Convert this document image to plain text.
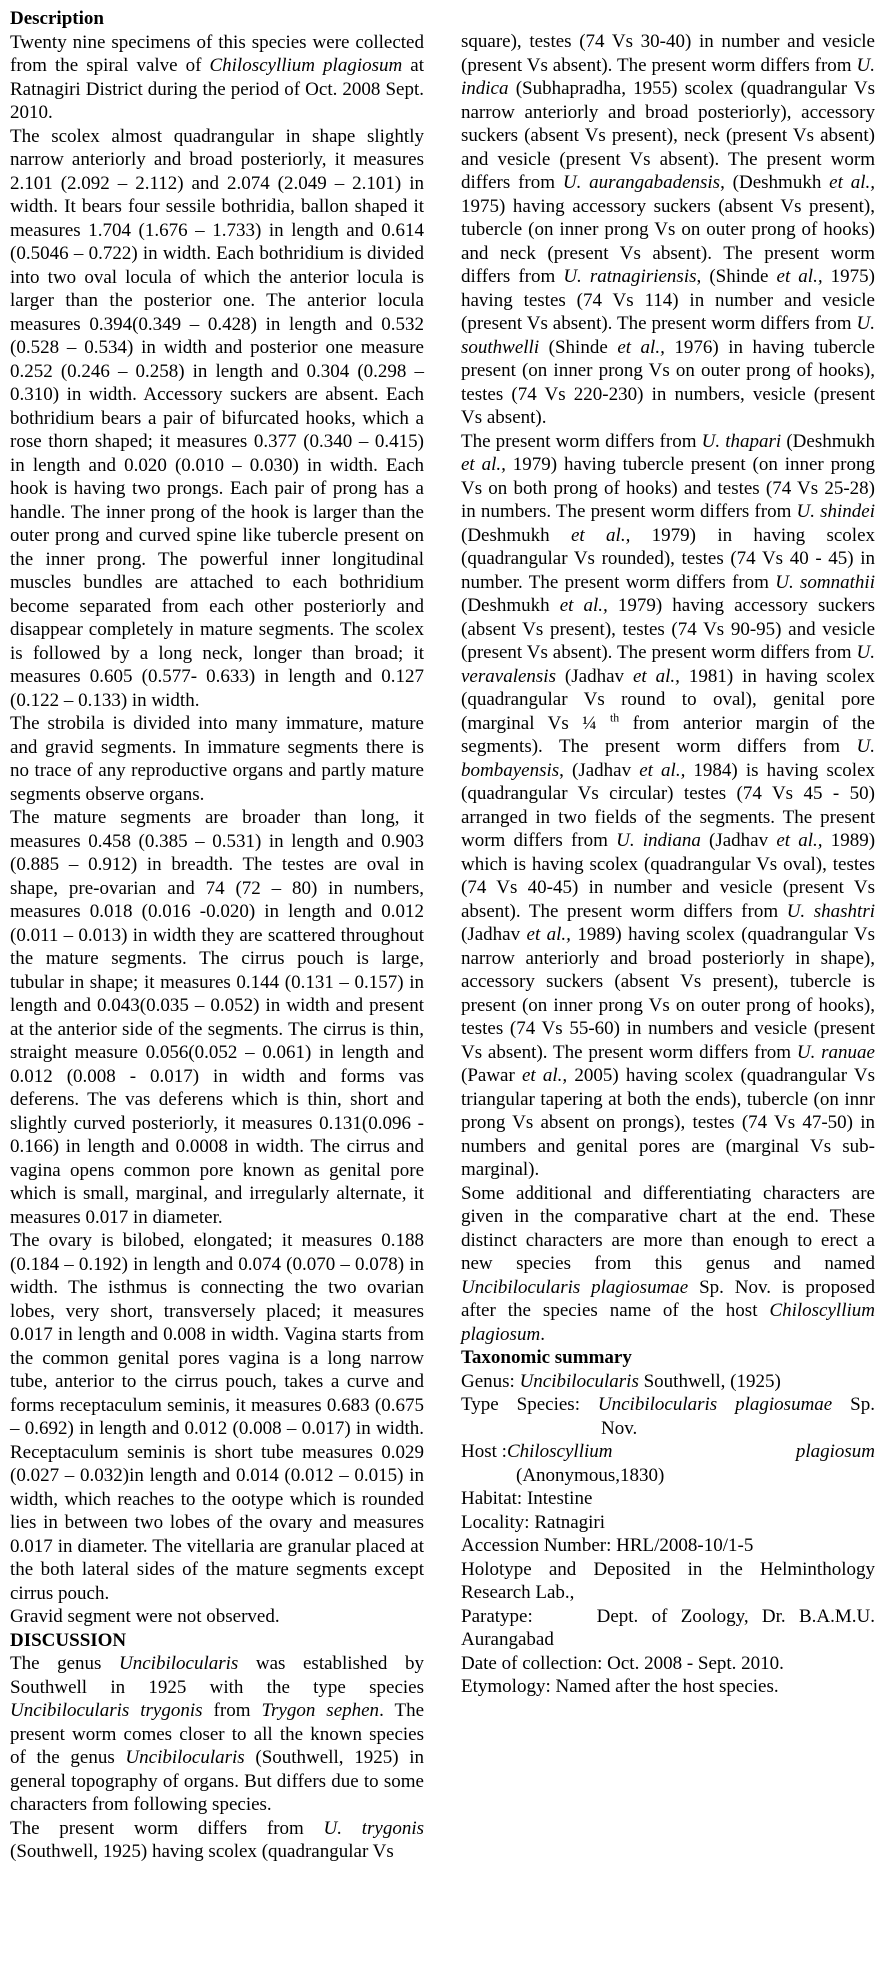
Description
Twenty nine specimens of this species were collected from the spiral valve of Chiloscyllium plagiosum at Ratnagiri District during the period of Oct. 2008 Sept. 2010.
The scolex almost quadrangular in shape slightly narrow anteriorly and broad posteriorly, it measures 2.101 (2.092 – 2.112) and 2.074 (2.049 – 2.101) in width. It bears four sessile bothridia, ballon shaped it measures 1.704 (1.676 – 1.733) in length and 0.614 (0.5046 – 0.722) in width. Each bothridium is divided into two oval locula of which the anterior locula is larger than the posterior one. The anterior locula measures 0.394(0.349 – 0.428) in length and 0.532 (0.528 – 0.534) in width and posterior one measure 0.252 (0.246 – 0.258) in length and 0.304 (0.298 – 0.310) in width. Accessory suckers are absent. Each bothridium bears a pair of bifurcated hooks, which a rose thorn shaped; it measures 0.377 (0.340 – 0.415) in length and 0.020 (0.010 – 0.030) in width. Each hook is having two prongs. Each pair of prong has a handle. The inner prong of the hook is larger than the outer prong and curved spine like tubercle present on the inner prong. The powerful inner longitudinal muscles bundles are attached to each bothridium become separated from each other posteriorly and disappear completely in mature segments. The scolex is followed by a long neck, longer than broad; it measures 0.605 (0.577- 0.633) in length and 0.127 (0.122 – 0.133) in width.
The strobila is divided into many immature, mature and gravid segments. In immature segments there is no trace of any reproductive organs and partly mature segments observe organs.
The mature segments are broader than long, it measures 0.458 (0.385 – 0.531) in length and 0.903 (0.885 – 0.912) in breadth. The testes are oval in shape, pre-ovarian and 74 (72 – 80) in numbers, measures 0.018 (0.016 -0.020) in length and 0.012 (0.011 – 0.013) in width they are scattered throughout the mature segments. The cirrus pouch is large, tubular in shape; it measures 0.144 (0.131 – 0.157) in length and 0.043(0.035 – 0.052) in width and present at the anterior side of the segments. The cirrus is thin, straight measure 0.056(0.052 – 0.061) in length and 0.012 (0.008 - 0.017) in width and forms vas deferens. The vas deferens which is thin, short and slightly curved posteriorly, it measures 0.131(0.096 - 0.166) in length and 0.0008 in width. The cirrus and vagina opens common pore known as genital pore which is small, marginal, and irregularly alternate, it measures 0.017 in diameter.
The ovary is bilobed, elongated; it measures 0.188 (0.184 – 0.192) in length and 0.074 (0.070 – 0.078) in width. The isthmus is connecting the two ovarian lobes, very short, transversely placed; it measures 0.017 in length and 0.008 in width. Vagina starts from the common genital pores vagina is a long narrow tube, anterior to the cirrus pouch, takes a curve and forms receptaculum seminis, it measures 0.683 (0.675 – 0.692) in length and 0.012 (0.008 – 0.017) in width. Receptaculum seminis is short tube measures 0.029 (0.027 – 0.032)in length and 0.014 (0.012 – 0.015) in width, which reaches to the ootype which is rounded lies in between two lobes of the ovary and measures 0.017 in diameter. The vitellaria are granular placed at the both lateral sides of the mature segments except cirrus pouch.
Gravid segment were not observed.
DISCUSSION
The genus Uncibilocularis was established by Southwell in 1925 with the type species Uncibilocularis trygonis from Trygon sephen. The present worm comes closer to all the known species of the genus Uncibilocularis (Southwell, 1925) in general topography of organs. But differs due to some characters from following species.
The present worm differs from U. trygonis (Southwell, 1925) having scolex (quadrangular Vs
square), testes (74 Vs 30-40) in number and vesicle (present Vs absent). The present worm differs from U. indica (Subhapradha, 1955) scolex (quadrangular Vs narrow anteriorly and broad posteriorly), accessory suckers (absent Vs present), neck (present Vs absent) and vesicle (present Vs absent). The present worm differs from U. aurangabadensis, (Deshmukh et al., 1975) having accessory suckers (absent Vs present), tubercle (on inner prong Vs on outer prong of hooks) and neck (present Vs absent). The present worm differs from U. ratnagiriensis, (Shinde et al., 1975) having testes (74 Vs 114) in number and vesicle (present Vs absent). The present worm differs from U. southwelli (Shinde et al., 1976) in having tubercle present (on inner prong Vs on outer prong of hooks), testes (74 Vs 220-230) in numbers, vesicle (present Vs absent).
The present worm differs from U. thapari (Deshmukh et al., 1979) having tubercle present (on inner prong Vs on both prong of hooks) and testes (74 Vs 25-28) in numbers. The present worm differs from U. shindei (Deshmukh et al., 1979) in having scolex (quadrangular Vs rounded), testes (74 Vs 40 - 45) in number. The present worm differs from U. somnathii (Deshmukh et al., 1979) having accessory suckers (absent Vs present), testes (74 Vs 90-95) and vesicle (present Vs absent). The present worm differs from U. veravalensis (Jadhav et al., 1981) in having scolex (quadrangular Vs round to oval), genital pore (marginal Vs ¼ $^{th}$ from anterior margin of the segments). The present worm differs from U. bombayensis, (Jadhav et al., 1984) is having scolex (quadrangular Vs circular) testes (74 Vs 45 - 50) arranged in two fields of the segments. The present worm differs from U. indiana (Jadhav et al., 1989) which is having scolex (quadrangular Vs oval), testes (74 Vs 40-45) in number and vesicle (present Vs absent). The present worm differs from U. shashtri (Jadhav et al., 1989) having scolex (quadrangular Vs narrow anteriorly and broad posteriorly in shape), accessory suckers (absent Vs present), tubercle is present (on inner prong Vs on outer prong of hooks), testes (74 Vs 55-60) in numbers and vesicle (present Vs absent). The present worm differs from U. ranuae (Pawar et al., 2005) having scolex (quadrangular Vs triangular tapering at both the ends), tubercle (on innr prong Vs absent on prongs), testes (74 Vs 47-50) in numbers and genital pores are (marginal Vs sub-marginal).
Some additional and differentiating characters are given in the comparative chart at the end. These distinct characters are more than enough to erect a new species from this genus and named Uncibilocularis plagiosumae Sp. Nov. is proposed after the species name of the host Chiloscyllium plagiosum.
Taxonomic summary
Genus: Uncibilocularis Southwell, (1925)
Type Species: Uncibilocularis plagiosumae Sp.
Nov.
Host :Chiloscyllium	plagiosum
(Anonymous,1830)
Habitat: Intestine
Locality: Ratnagiri
Accession Number: HRL/2008-10/1-5
Holotype and Deposited in the Helminthology
Research Lab.,
Paratype:	Dept. of Zoology, Dr. B.A.M.U.
Aurangabad
Date of collection: Oct. 2008 - Sept. 2010.
Etymology: Named after the host species.
